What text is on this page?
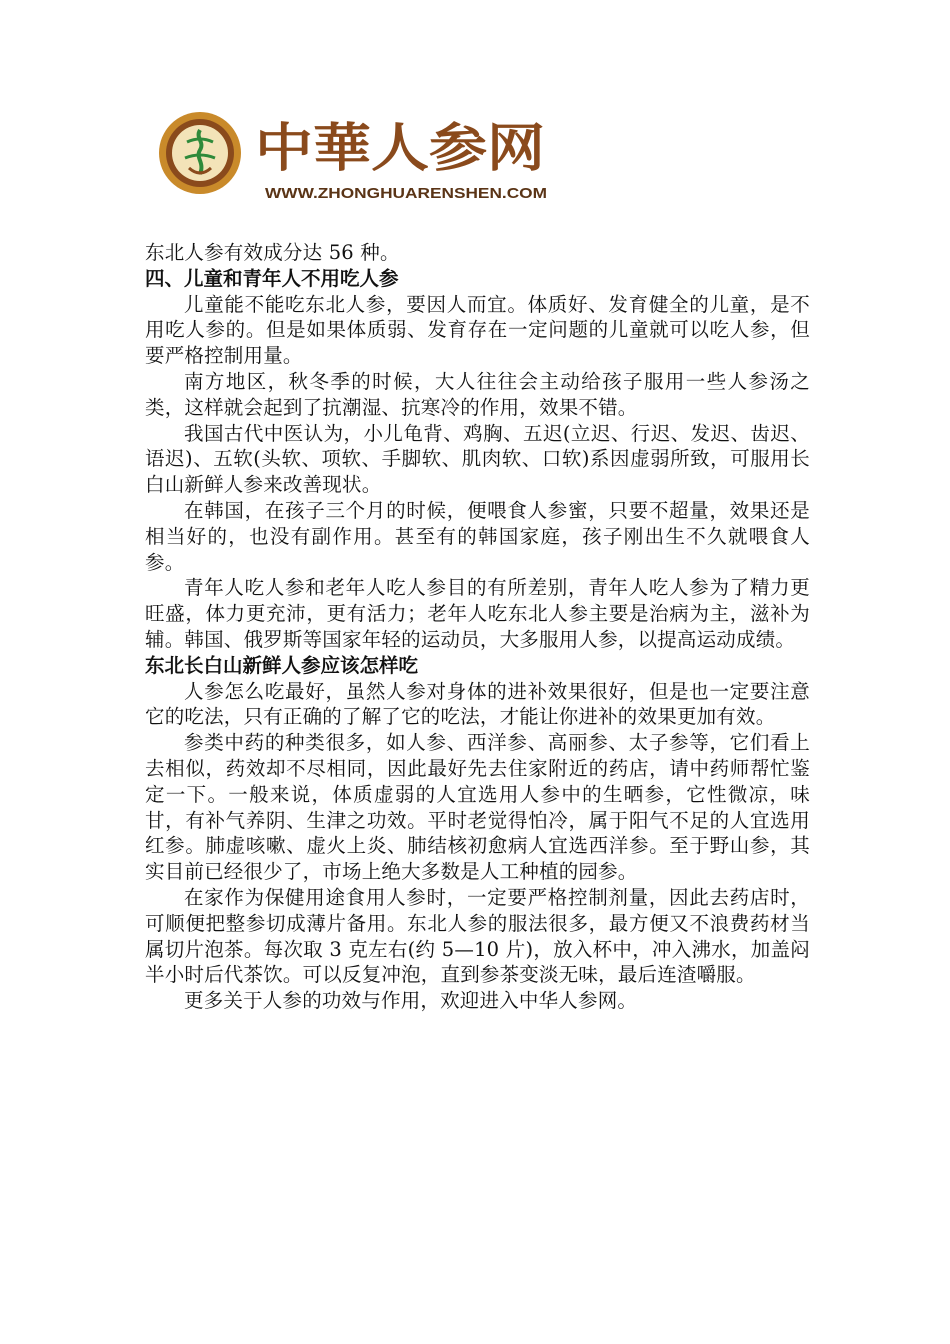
中華人参网
WWW.ZHONGHUARENSHEN.COM

东北人参有效成分达 56 种。

四、儿童和青年人不用吃人参

儿童能不能吃东北人参，要因人而宜。体质好、发育健全的儿童，是不用吃人参的。但是如果体质弱、发育存在一定问题的儿童就可以吃人参，但要严格控制用量。

南方地区，秋冬季的时候，大人往往会主动给孩子服用一些人参汤之类，这样就会起到了抗潮湿、抗寒冷的作用，效果不错。

我国古代中医认为，小儿龟背、鸡胸、五迟(立迟、行迟、发迟、齿迟、语迟)、五软(头软、项软、手脚软、肌肉软、口软)系因虚弱所致，可服用长白山新鲜人参来改善现状。

在韩国，在孩子三个月的时候，便喂食人参蜜，只要不超量，效果还是相当好的，也没有副作用。甚至有的韩国家庭，孩子刚出生不久就喂食人参。

青年人吃人参和老年人吃人参目的有所差别，青年人吃人参为了精力更旺盛，体力更充沛，更有活力；老年人吃东北人参主要是治病为主，滋补为辅。韩国、俄罗斯等国家年轻的运动员，大多服用人参，以提高运动成绩。

东北长白山新鲜人参应该怎样吃

人参怎么吃最好，虽然人参对身体的进补效果很好，但是也一定要注意它的吃法，只有正确的了解了它的吃法，才能让你进补的效果更加有效。

参类中药的种类很多，如人参、西洋参、高丽参、太子参等，它们看上去相似，药效却不尽相同，因此最好先去住家附近的药店，请中药师帮忙鉴定一下。一般来说，体质虚弱的人宜选用人参中的生晒参，它性微凉，味甘，有补气养阴、生津之功效。平时老觉得怕冷，属于阳气不足的人宜选用红参。肺虚咳嗽、虚火上炎、肺结核初愈病人宜选西洋参。至于野山参，其实目前已经很少了，市场上绝大多数是人工种植的园参。

在家作为保健用途食用人参时，一定要严格控制剂量，因此去药店时，可顺便把整参切成薄片备用。东北人参的服法很多，最方便又不浪费药材当属切片泡茶。每次取 3 克左右(约 5—10 片)，放入杯中，冲入沸水，加盖闷半小时后代茶饮。可以反复冲泡，直到参茶变淡无味，最后连渣嚼服。

更多关于人参的功效与作用，欢迎进入中华人参网。
